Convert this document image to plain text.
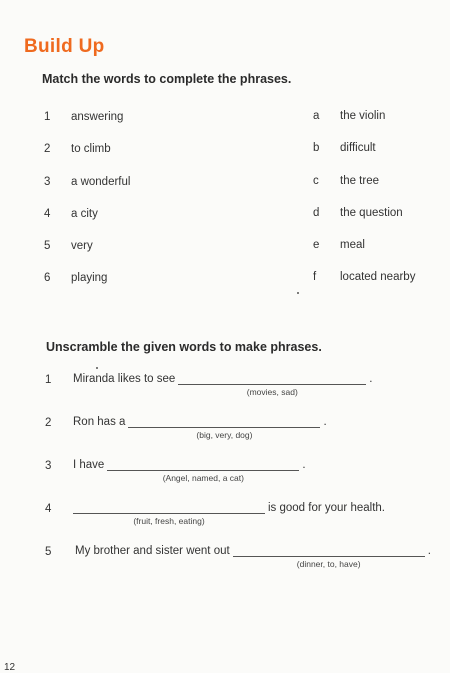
Build Up
Match the words to complete the phrases.
1 answering
2 to climb
3 a wonderful
4 a city
5 very
6 playing
a the violin
b difficult
c the tree
d the question
e meal
f located nearby
Unscramble the given words to make phrases.
1 Miranda likes to see
(movies, sad)
.
2 Ron has a
(big, very, dog)
.
3 I have
(Angel, named, a cat)
.
4
(fruit, fresh, eating)
is good for your health.
5 My brother and sister went out
(dinner, to, have)
.
12
